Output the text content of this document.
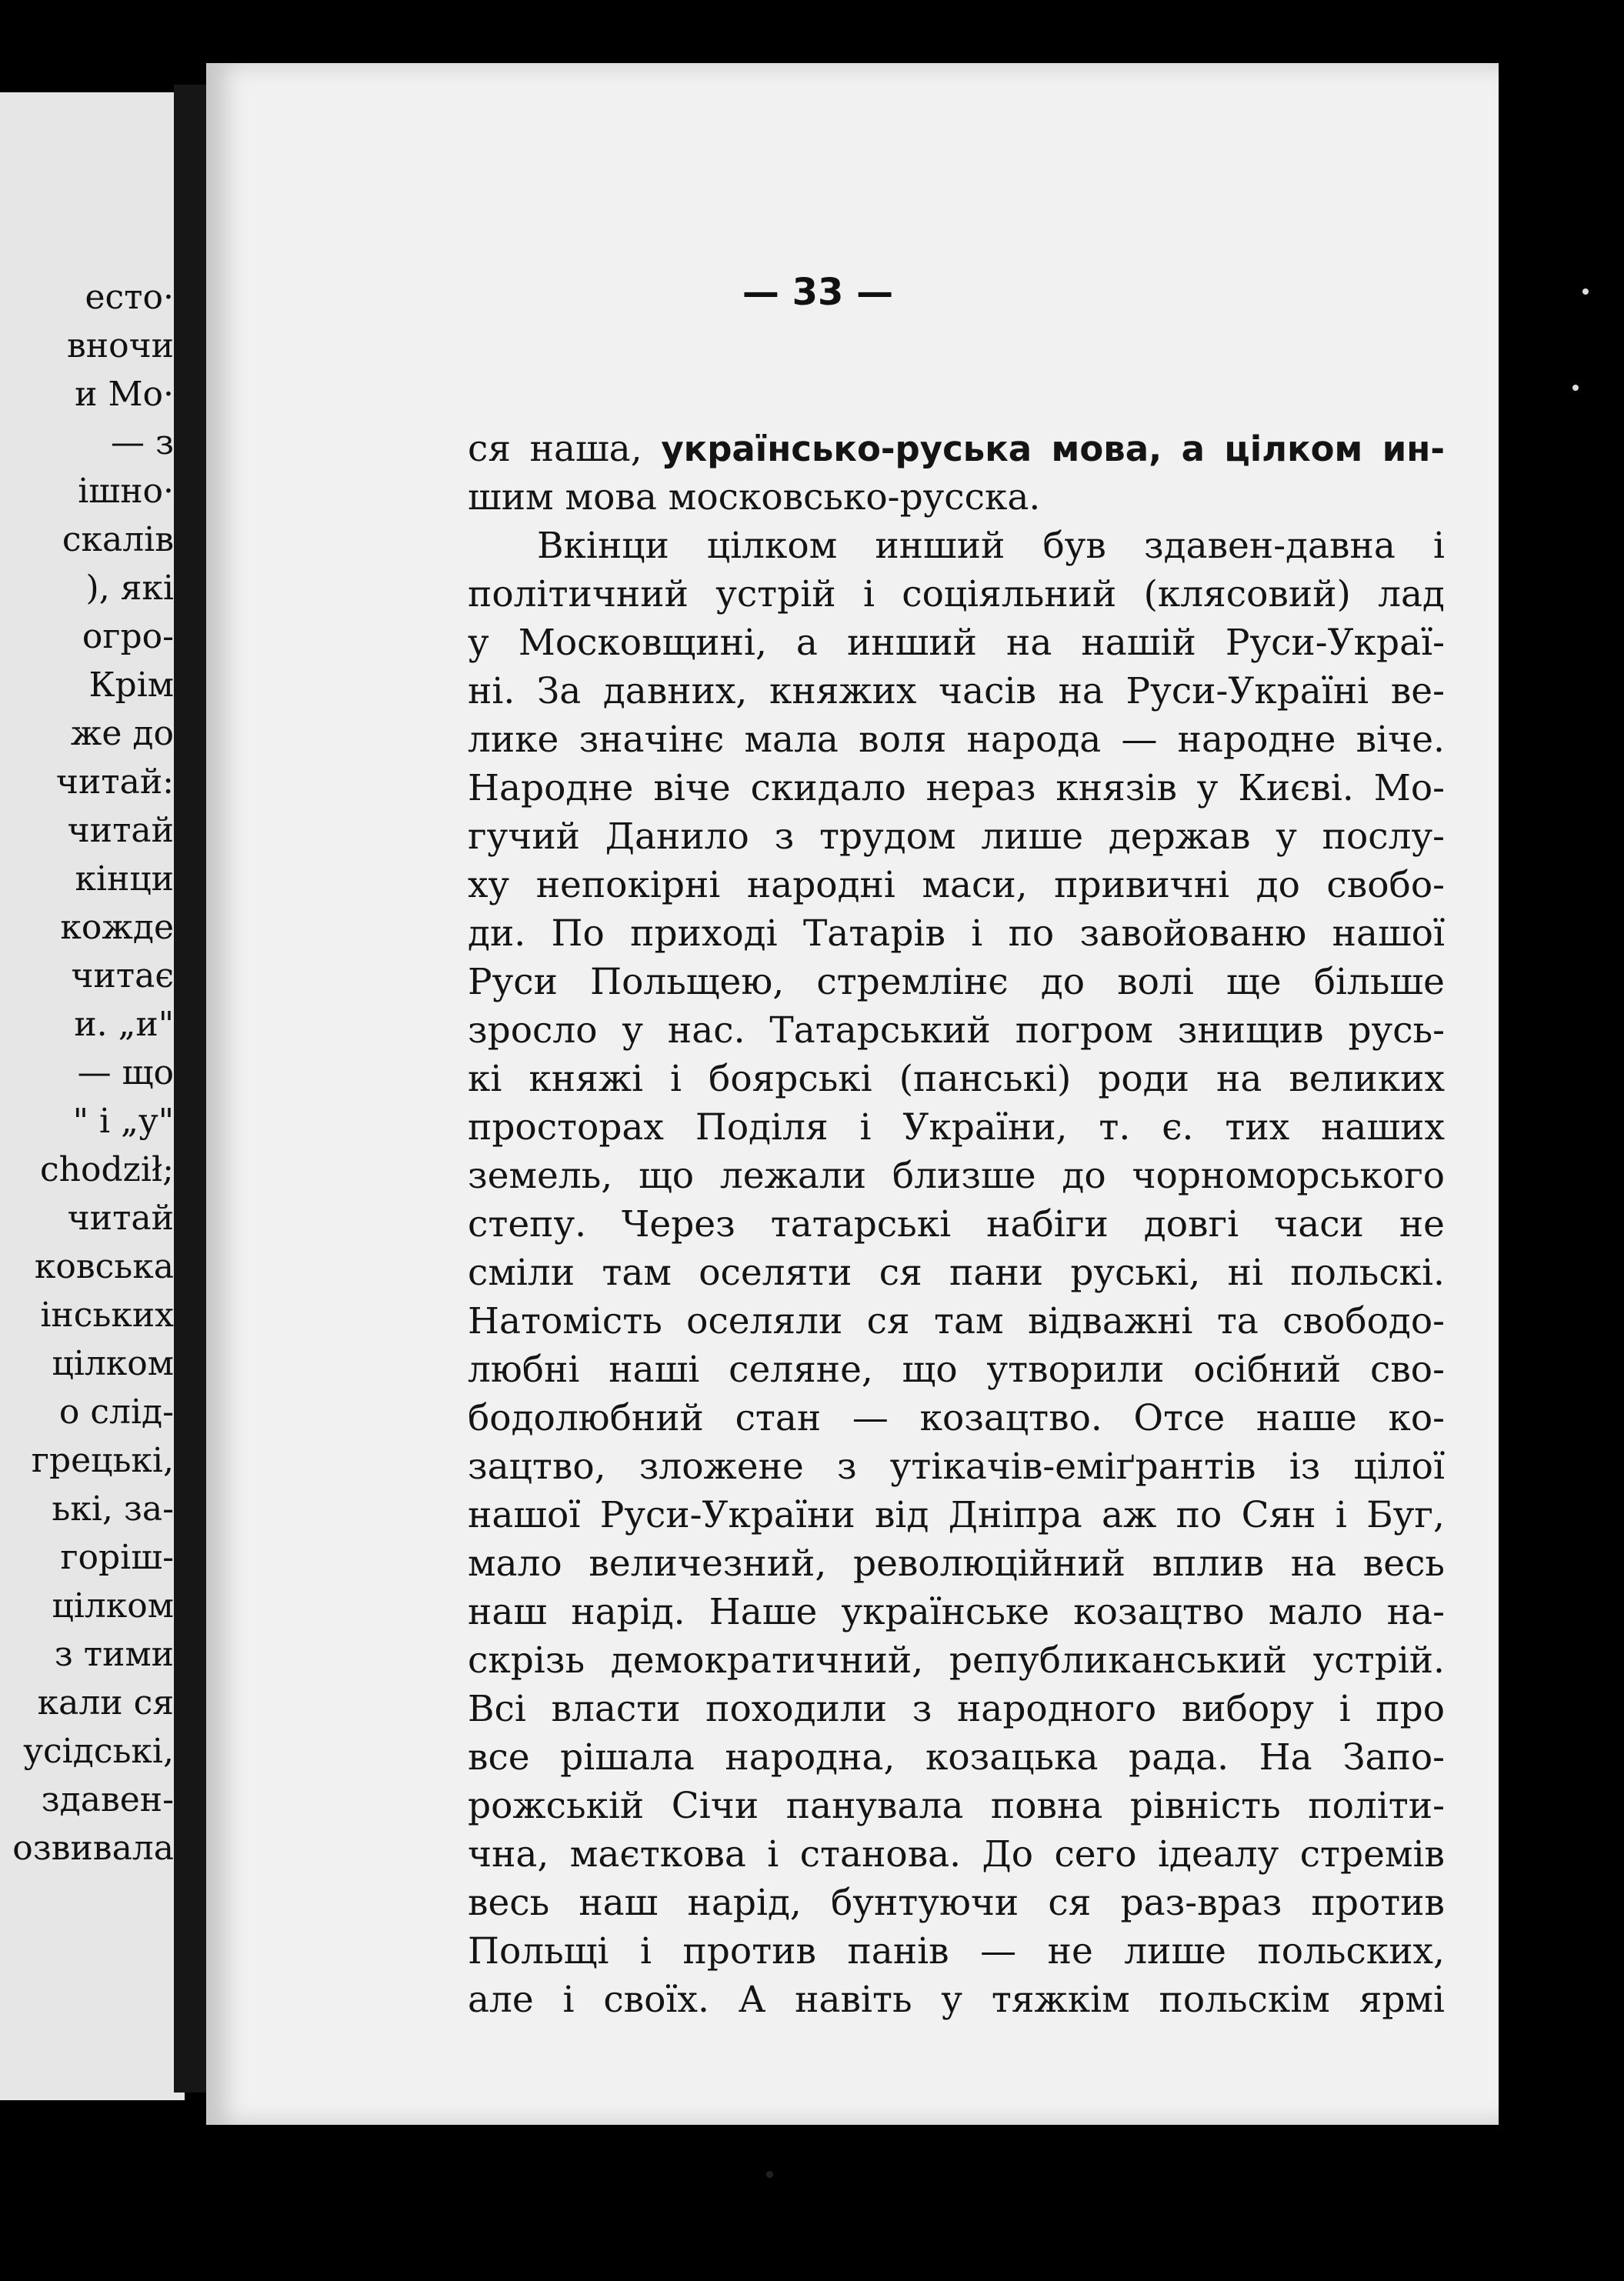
ecто·
вночи
и Мо·
— з
ішно·
скалів
), які
огро-
Крім
же до
читай:
читай
кінци
кожде
читає
и. „и"
— що
" і „у"
chodził;
читай
ковська
інських
цілком
о слід-
грецькі,
ькі, за-
горіш-
цілком
з тими
кали ся
усідські,
здавен-
озвивала
— 33 —
ся наша, українсько-руська мова, а цілком ин-
шим мова московсько-русска.
Вкінци цілком инший був здавен-давна і
політичний устрій і соціяльний (клясовий) лад
у Московщині, а инший на нашій Руси-Украї-
ні. За давних, княжих часів на Руси-Україні ве-
лике значінє мала воля народа — народне віче.
Народне віче скидало нераз князів у Києві. Мо-
гучий Данило з трудом лише держав у послу-
ху непокірні народні маси, привичні до свобо-
ди. По приході Татарів і по завойованю нашої
Руси Польщею, стремлінє до волі ще більше
зросло у нас. Татарський погром знищив руcь-
кі княжі і боярські (панські) роди на великих
просторах Поділя і України, т. є. тих наших
земель, що лежали близше до чорноморського
степу. Через татарські набіги довгі часи не
сміли там оселяти ся пани руські, ні польскі.
Натомість оселяли ся там відважні та свободо-
любні наші селяне, що утворили осібний сво-
бодолюбний стан — козацтво. Отсе наше ко-
зацтво, зложене з утікачів-еміґрантів із цілої
нашої Руси-України від Дніпра аж по Сян і Буг,
мало величезний, революційний вплив на весь
наш нарід. Наше українське козацтво мало на-
скрізь демократичний, републиканський устрій.
Всі власти походили з народного вибору і про
все рішала народна, козацька рада. На Запо-
рожській Січи панувала повна рівність політи-
чна, маєткова і станова. До сего ідеалу стремів
весь наш нарід, бунтуючи ся раз-враз против
Польщі і против панів — не лише польских,
але і своїх. А навіть у тяжкім польскім ярмі
